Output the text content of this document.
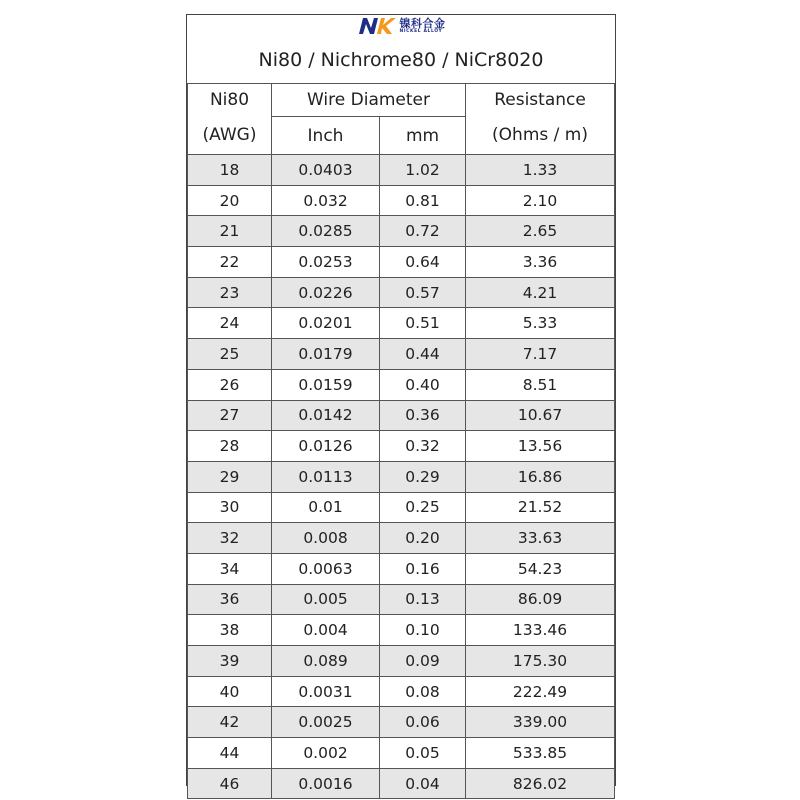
镍科合金
NICKEL ALLOY
Ni80 / Nichrome80 / NiCr8020
Ni80	Wire Diameter		Resistance
(AWG)	Inch	mm	(Ohms / m)
18	0.0403	1.02	1.33
20	0.032	0.81	2.10
21	0.0285	0.72	2.65
22	0.0253	0.64	3.36
23	0.0226	0.57	4.21
24	0.0201	0.51	5.33
25	0.0179	0.44	7.17
26	0.0159	0.40	8.51
27	0.0142	0.36	10.67
28	0.0126	0.32	13.56
29	0.0113	0.29	16.86
30	0.01	0.25	21.52
32	0.008	0.20	33.63
34	0.0063	0.16	54.23
36	0.005	0.13	86.09
38	0.004	0.10	133.46
39	0.089	0.09	175.30
40	0.0031	0.08	222.49
42	0.0025	0.06	339.00
44	0.002	0.05	533.85
46	0.0016	0.04	826.02
